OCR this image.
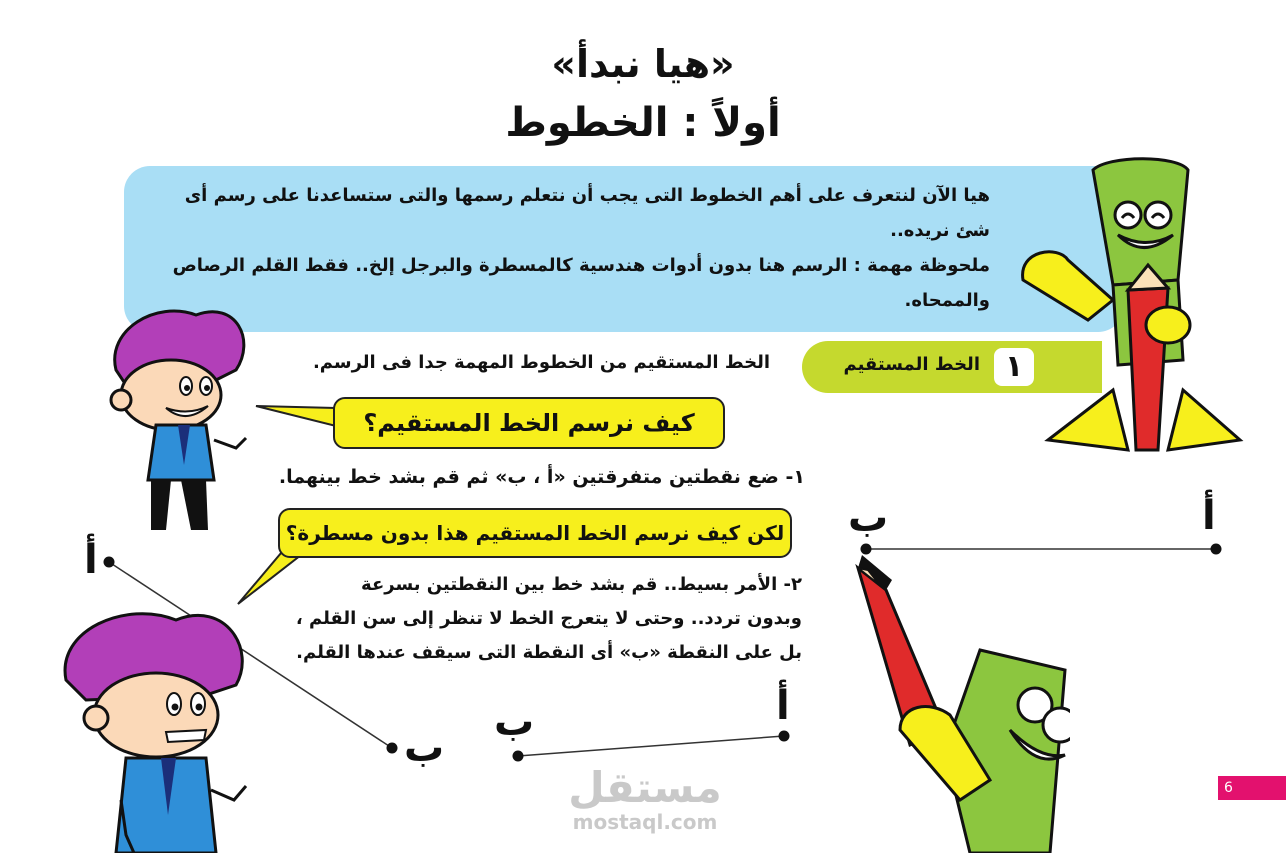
«هيا نبدأ»
أولاً : الخطوط

هيا الآن لنتعرف على أهم الخطوط التى يجب أن نتعلم رسمها والتى ستساعدنا على رسم أى شئ نريده..

ملحوظة مهمة : الرسم هنا بدون أدوات هندسية كالمسطرة والبرجل إلخ.. فقط القلم الرصاص والممحاه.

١
الخط المستقيم
الخط المستقيم من الخطوط المهمة جدا فى الرسم.
كيف نرسم الخط المستقيم؟
١- ضع نقطتين متفرقتين «أ ، ب» ثم قم بشد خط بينهما.
لكن كيف نرسم الخط المستقيم هذا بدون مسطرة؟

٢- الأمر بسيط.. قم بشد خط بين النقطتين بسرعة

وبدون تردد.. وحتى لا يتعرج الخط لا تنظر إلى سن القلم ،

بل على النقطة «ب» أى النقطة التى سيقف عندها القلم.

أ
ب
أ
ب
أ
ب
مستقل
mostaql.com
6
